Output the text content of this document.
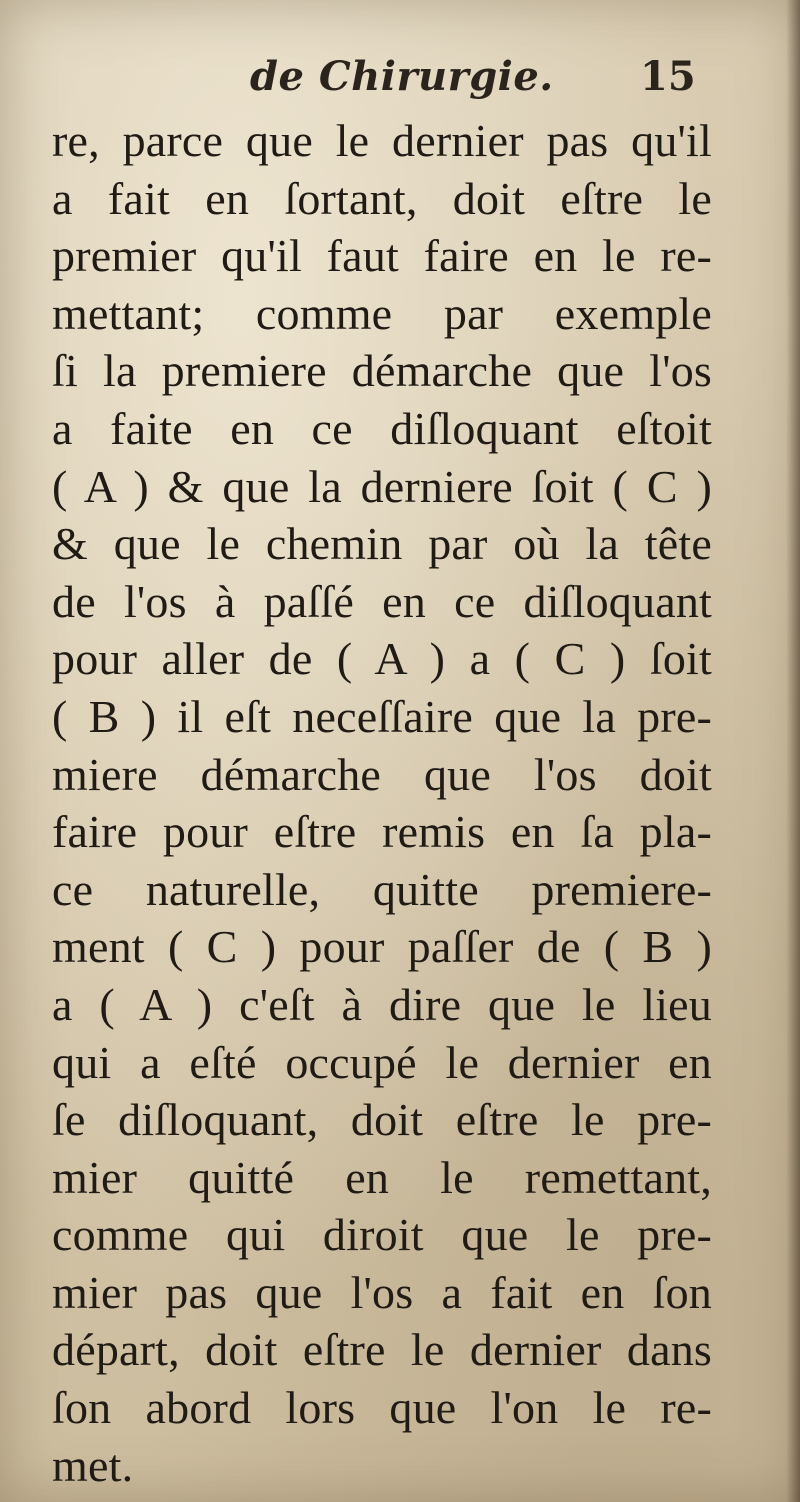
de Chirurgie. 15
re, parce que le dernier pas qu'il
a fait en ſortant, doit eſtre le
premier qu'il faut faire en le re-
mettant; comme par exemple
ſi la premiere démarche que l'os
a faite en ce diſloquant eſtoit
( A ) & que la derniere ſoit ( C )
& que le chemin par où la tête
de l'os à paſſé en ce diſloquant
pour aller de ( A ) a ( C ) ſoit
( B ) il eſt neceſſaire que la pre-
miere démarche que l'os doit
faire pour eſtre remis en ſa pla-
ce naturelle, quitte premiere-
ment ( C ) pour paſſer de ( B )
a ( A ) c'eſt à dire que le lieu
qui a eſté occupé le dernier en
ſe diſloquant, doit eſtre le pre-
mier quitté en le remettant,
comme qui diroit que le pre-
mier pas que l'os a fait en ſon
départ, doit eſtre le dernier dans
ſon abord lors que l'on le re-
met.
